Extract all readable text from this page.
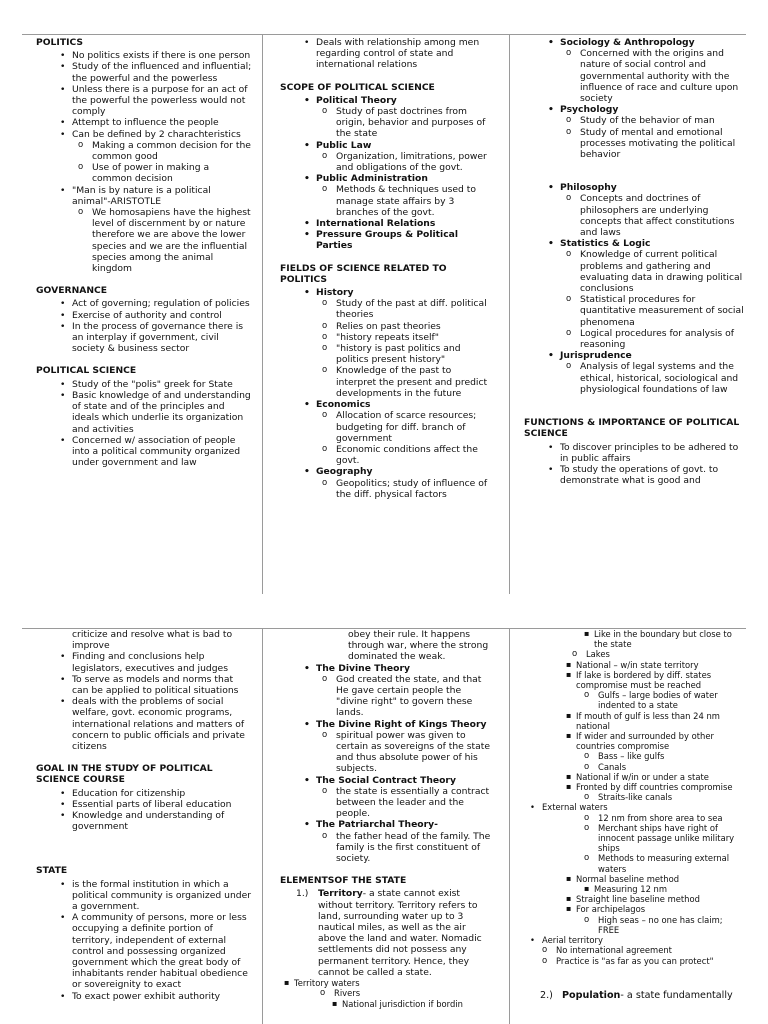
POLITICS
• No politics exists if there is one person
• Study of the influenced and influential; the powerful and the powerless
• Unless there is a purpose for an act of the powerful the powerless would not comply
• Attempt to influence the people
• Can be defined by 2 charachteristics
o Making a common decision for the common good
o Use of power in making a common decision
• "Man is by nature is a political animal"-ARISTOTLE
o We homosapiens have the highest level of discernment by or nature therefore we are above the lower species and we are the influential species among the animal kingdom
GOVERNANCE
• Act of governing; regulation of policies
• Exercise of authority and control
• In the process of governance there is an interplay if government, civil society & business sector
POLITICAL SCIENCE
• Study of the "polis" greek for State
• Basic knowledge of and understanding of state and of the principles and ideals which underlie its organization and activities
• Concerned w/ association of people into a political community organized under government and law
• Deals with relationship among men regarding control of state and international relations
SCOPE OF POLITICAL SCIENCE
• Political Theory
o Study of past doctrines from origin, behavior and purposes of the state
• Public Law
o Organization, limitrations, power and obligations of the govt.
• Public Administration
o Methods & techniques used to manage state affairs by 3 branches of the govt.
• International Relations
• Pressure Groups & Political Parties
FIELDS OF SCIENCE RELATED TO POLITICS
• History
o Study of the past at diff. political theories
o Relies on past theories
o "history repeats itself"
o "history is past politics and politics present history"
o Knowledge of the past to interpret the present and predict developments in the future
• Economics
o Allocation of scarce resources; budgeting for diff. branch of government
o Economic conditions affect the govt.
• Geography
o Geopolitics; study of influence of the diff. physical factors
• Sociology & Anthropology
o Concerned with the origins and nature of social control and governmental authority with the influence of race and culture upon society
• Psychology
o Study of the behavior of man
o Study of mental and emotional processes motivating the political behavior
• Philosophy
o Concepts and doctrines of philosophers are underlying concepts that affect constitutions and laws
• Statistics & Logic
o Knowledge of current political problems and gathering and evaluating data in drawing political conclusions
o Statistical procedures for quantitative measurement of social phenomena
o Logical procedures for analysis of reasoning
• Jurisprudence
o Analysis of legal systems and the ethical, historical, sociological and physiological foundations of law
FUNCTIONS & IMPORTANCE OF POLITICAL SCIENCE
• To discover principles to be adhered to in public affairs
• To study the operations of govt. to demonstrate what is good and
criticize and resolve what is bad to improve
• Finding and conclusions help legislators, executives and judges
• To serve as models and norms that can be applied to political situations
• deals with the problems of social welfare, govt. economic programs, international relations and matters of concern to public officials and private citizens
GOAL IN THE STUDY OF POLITICAL SCIENCE COURSE
• Education for citizenship
• Essential parts of liberal education
• Knowledge and understanding of government
STATE
• is the formal institution in which a political community is organized under a government.
• A community of persons, more or less occupying a definite portion of territory, independent of external control and possessing organized government which the great body of inhabitants render habitual obedience or sovereignity to exact
• To exact power exhibit authority
obey their rule. It happens through war, where the strong dominated the weak.
• The Divine Theory
o God created the state, and that He gave certain people the "divine right" to govern these lands.
• The Divine Right of Kings Theory
o spiritual power was given to certain as sovereigns of the state and thus absolute power of his subjects.
• The Social Contract Theory
o the state is essentially a contract between the leader and the people.
• The Patriarchal Theory-
o the father head of the family. The family is the first constituent of society.
ELEMENTSOF THE STATE
1.) Territory- a state cannot exist without territory. Territory refers to land, surrounding water up to 3 nautical miles, as well as the air above the land and water. Nomadic settlements did not possess any permanent territory. Hence, they cannot be called a state.
▪ Territory waters
o Rivers
▪ National jurisdiction if bordin
▪ Like in the boundary but close to the state
o Lakes
▪ National – w/in state territory
▪ If lake is bordered by diff. states compromise must be reached
o Gulfs – large bodies of water indented to a state
▪ If mouth of gulf is less than 24 nm national
▪ If wider and surrounded by other countries compromise
o Bass – like gulfs
o Canals
▪ National if w/in or under a state
▪ Fronted by diff countries compromise
o Straits-like canals
• External waters
o 12 nm from shore area to sea
o Merchant ships have right of innocent passage unlike military ships
o Methods to measuring external waters
▪ Normal baseline method
▪ Measuring 12 nm
▪ Straight line baseline method
▪ For archipelagos
o High seas – no one has claim; FREE
• Aerial territory
o No international agreement
o Practice is "as far as you can protect"
2.) Population- a state fundamentally
